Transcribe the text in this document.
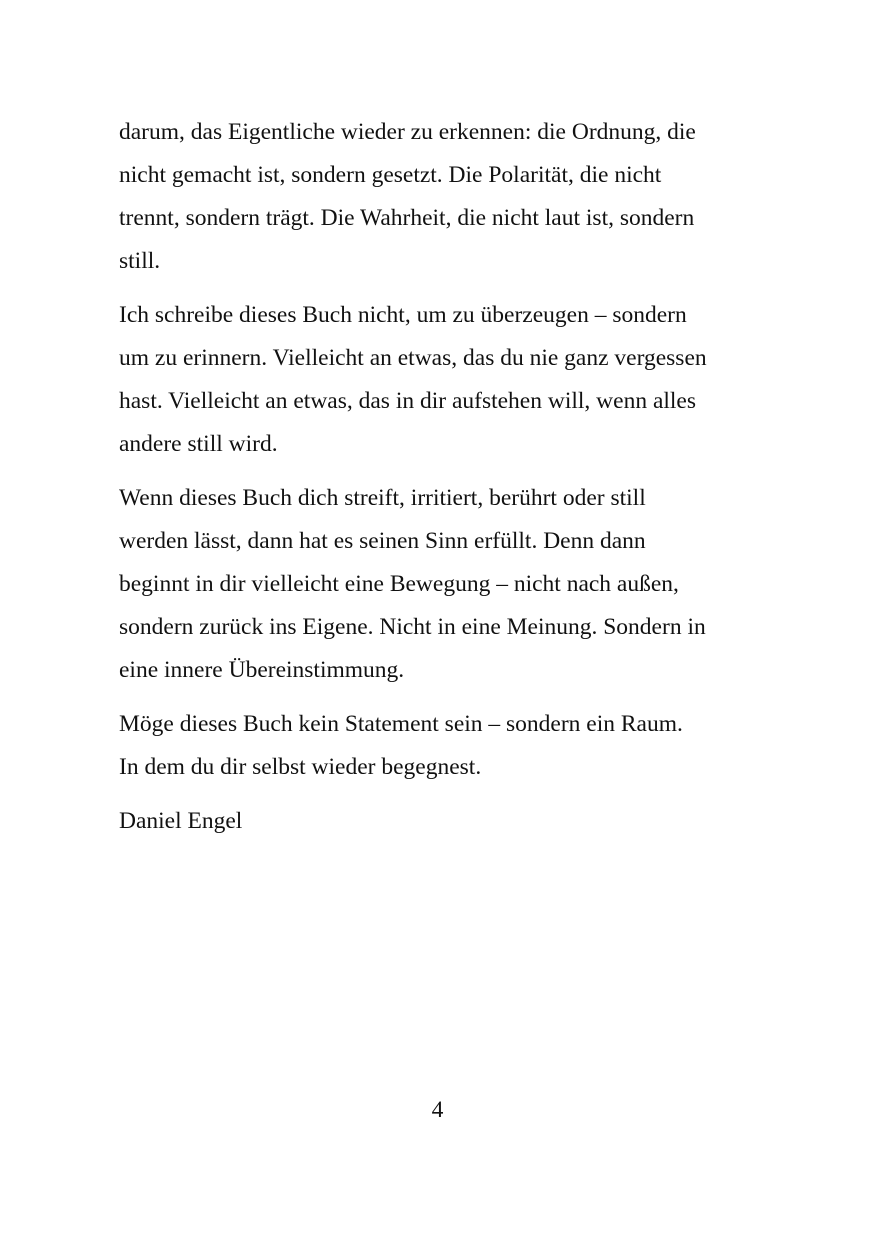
darum, das Eigentliche wieder zu erkennen: die Ordnung, die
nicht gemacht ist, sondern gesetzt. Die Polarität, die nicht
trennt, sondern trägt. Die Wahrheit, die nicht laut ist, sondern
still.

Ich schreibe dieses Buch nicht, um zu überzeugen – sondern
um zu erinnern. Vielleicht an etwas, das du nie ganz vergessen
hast. Vielleicht an etwas, das in dir aufstehen will, wenn alles
andere still wird.

Wenn dieses Buch dich streift, irritiert, berührt oder still
werden lässt, dann hat es seinen Sinn erfüllt. Denn dann
beginnt in dir vielleicht eine Bewegung – nicht nach außen,
sondern zurück ins Eigene. Nicht in eine Meinung. Sondern in
eine innere Übereinstimmung.

Möge dieses Buch kein Statement sein – sondern ein Raum.
In dem du dir selbst wieder begegnest.

Daniel Engel

4
